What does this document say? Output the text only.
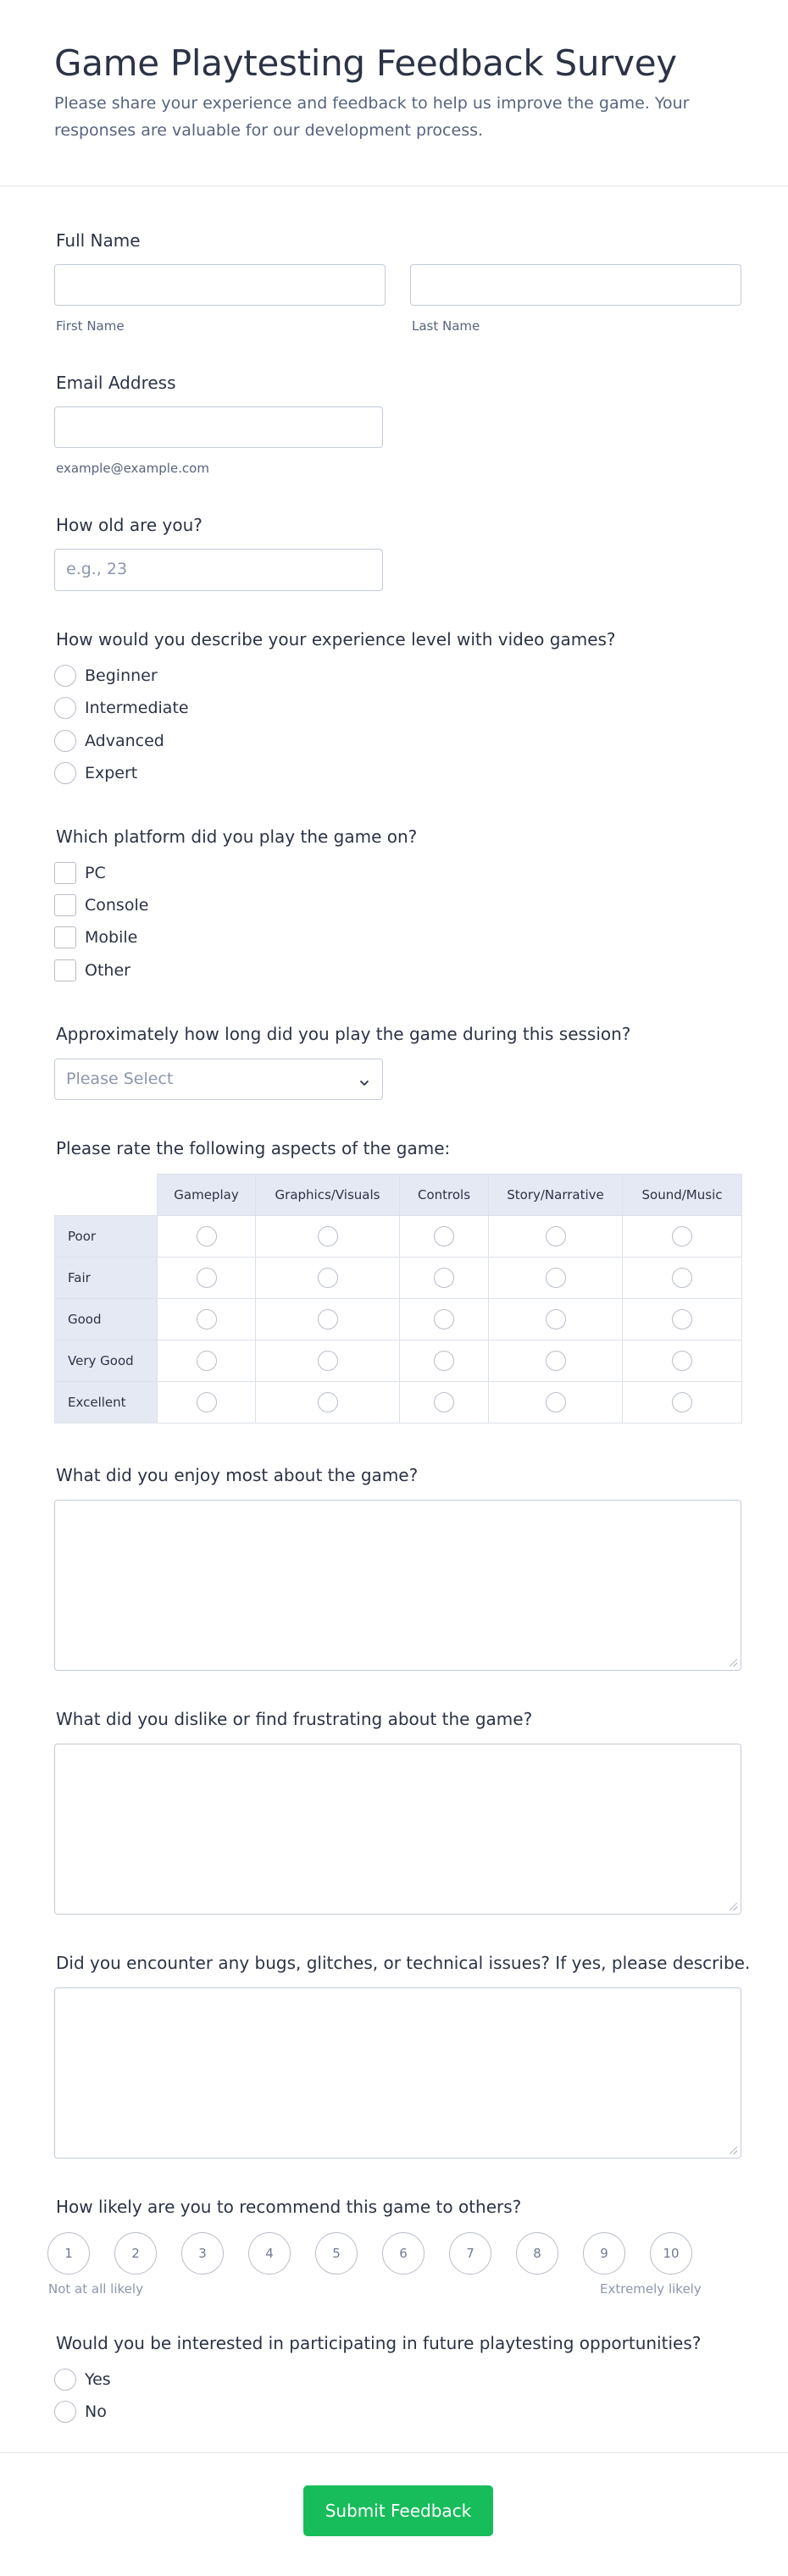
Game Playtesting Feedback Survey
Please share your experience and feedback to help us improve the game. Your responses are valuable for our development process.
Full Name
First Name	Last Name
Email Address
example@example.com
How old are you?
e.g., 23
How would you describe your experience level with video games?
Beginner
Intermediate
Advanced
Expert
Which platform did you play the game on?
PC
Console
Mobile
Other
Approximately how long did you play the game during this session?
Please Select
Please rate the following aspects of the game:
	Gameplay	Graphics/Visuals	Controls	Story/Narrative	Sound/Music
Poor					
Fair					
Good					
Very Good					
Excellent					
What did you enjoy most about the game?
What did you dislike or find frustrating about the game?
Did you encounter any bugs, glitches, or technical issues? If yes, please describe.
How likely are you to recommend this game to others?
1	2	3	4	5	6	7	8	9	10
Not at all likely	Extremely likely
Would you be interested in participating in future playtesting opportunities?
Yes
No
Submit Feedback
